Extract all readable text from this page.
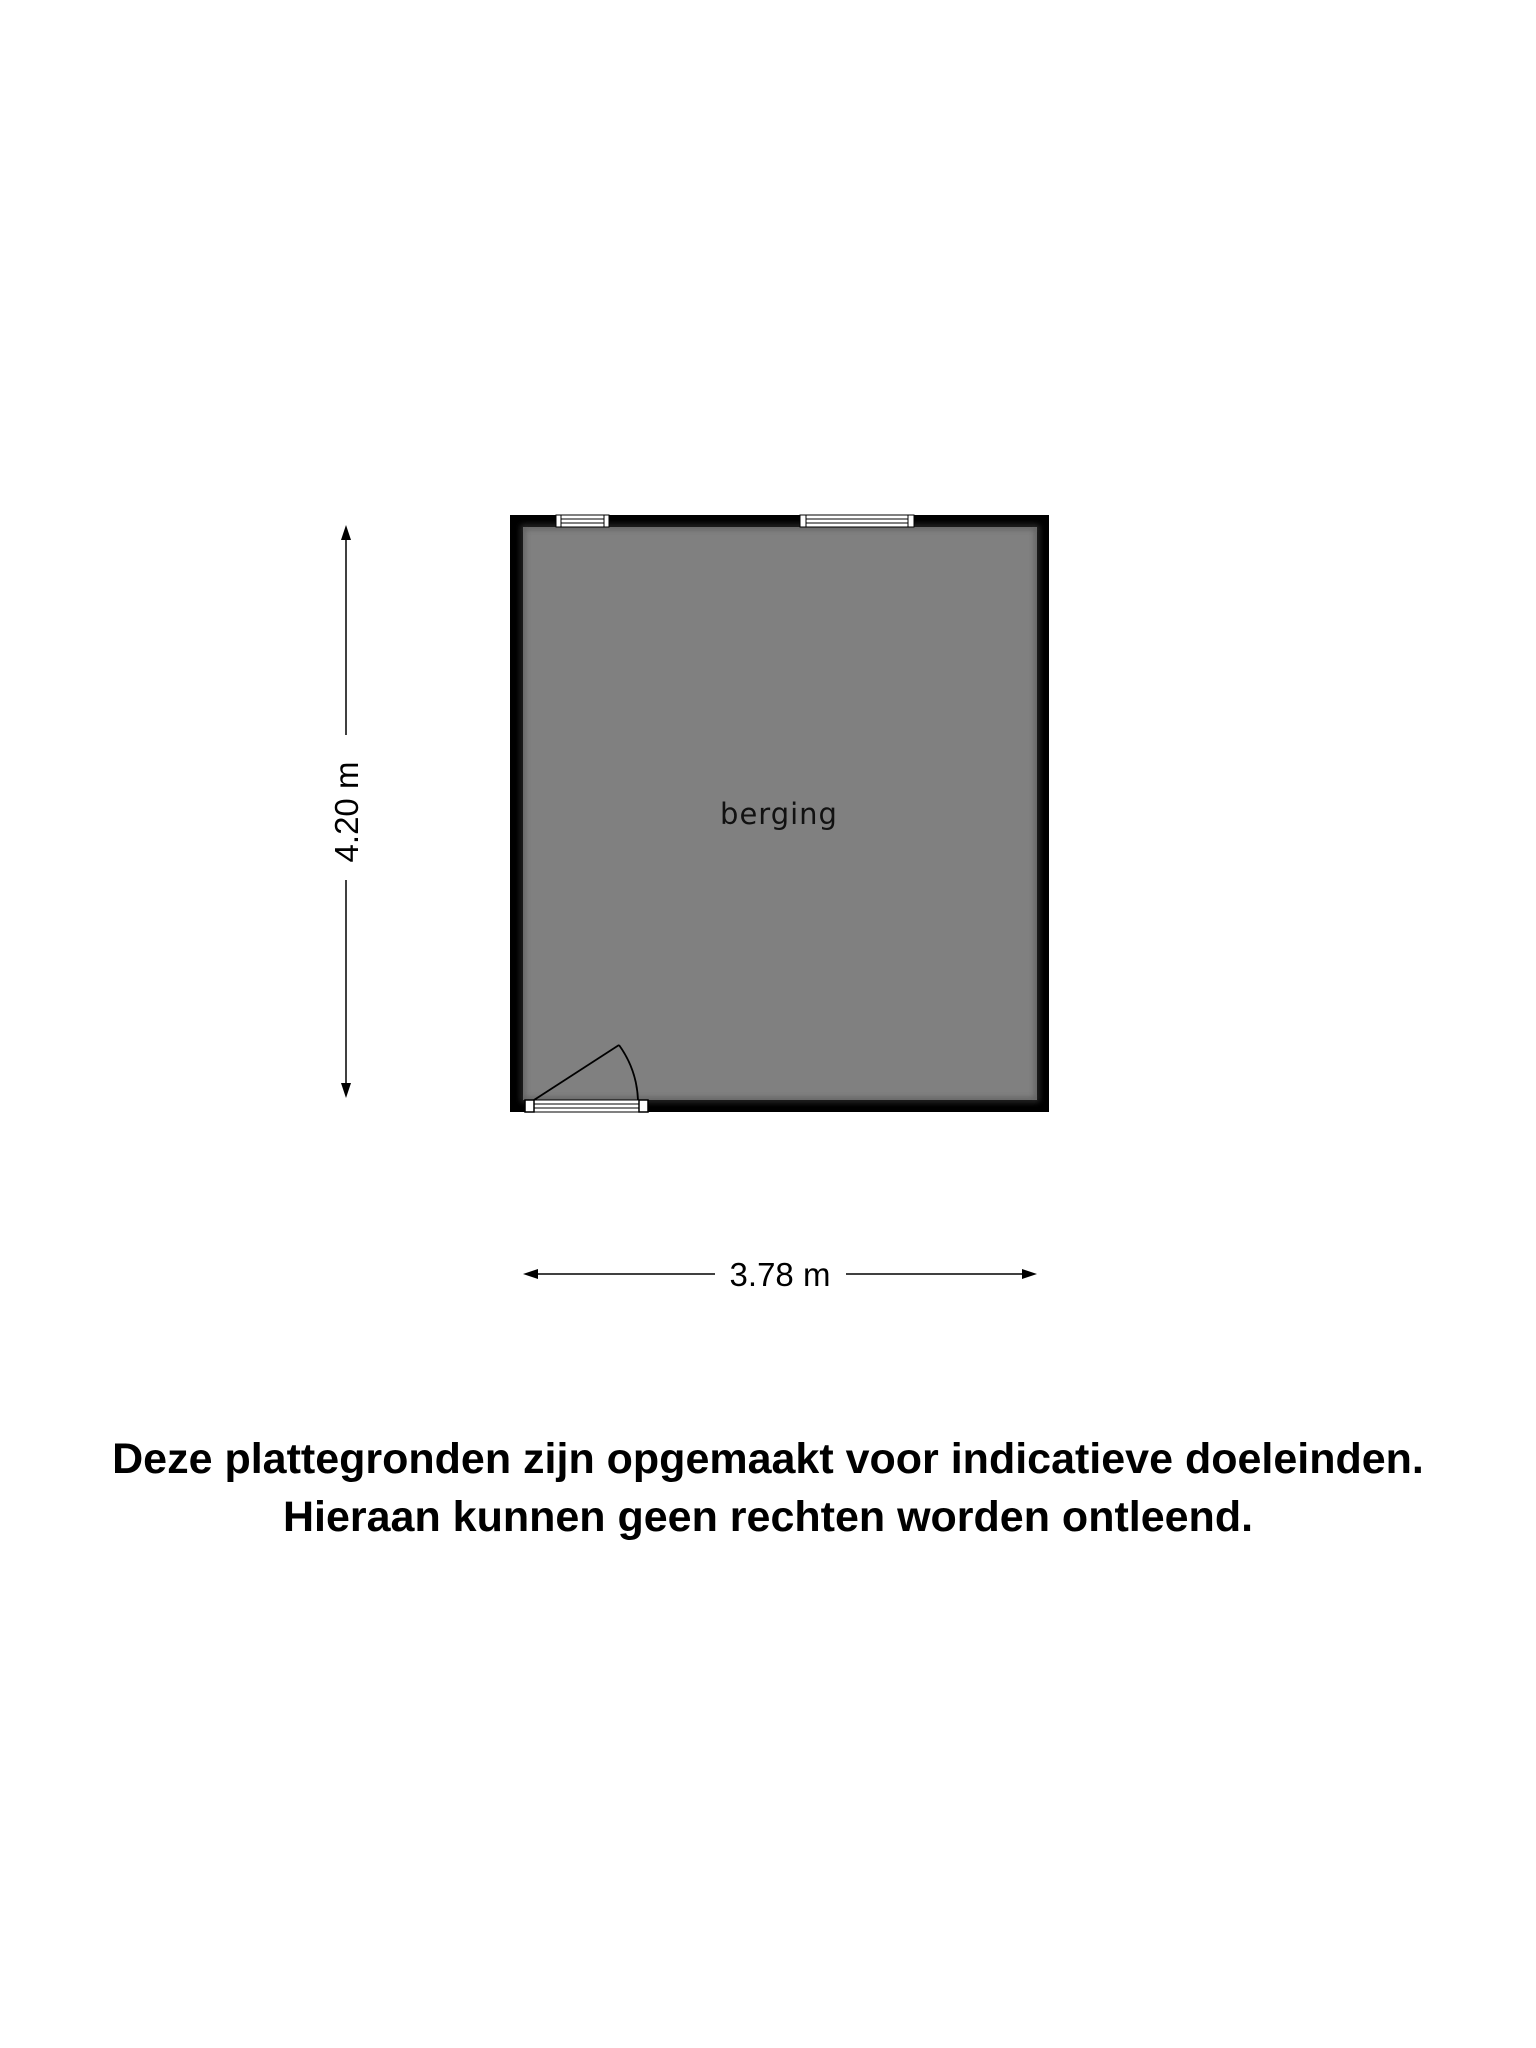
berging
4.20 m
3.78 m
Deze plattegronden zijn opgemaakt voor indicatieve doeleinden.
Hieraan kunnen geen rechten worden ontleend.
